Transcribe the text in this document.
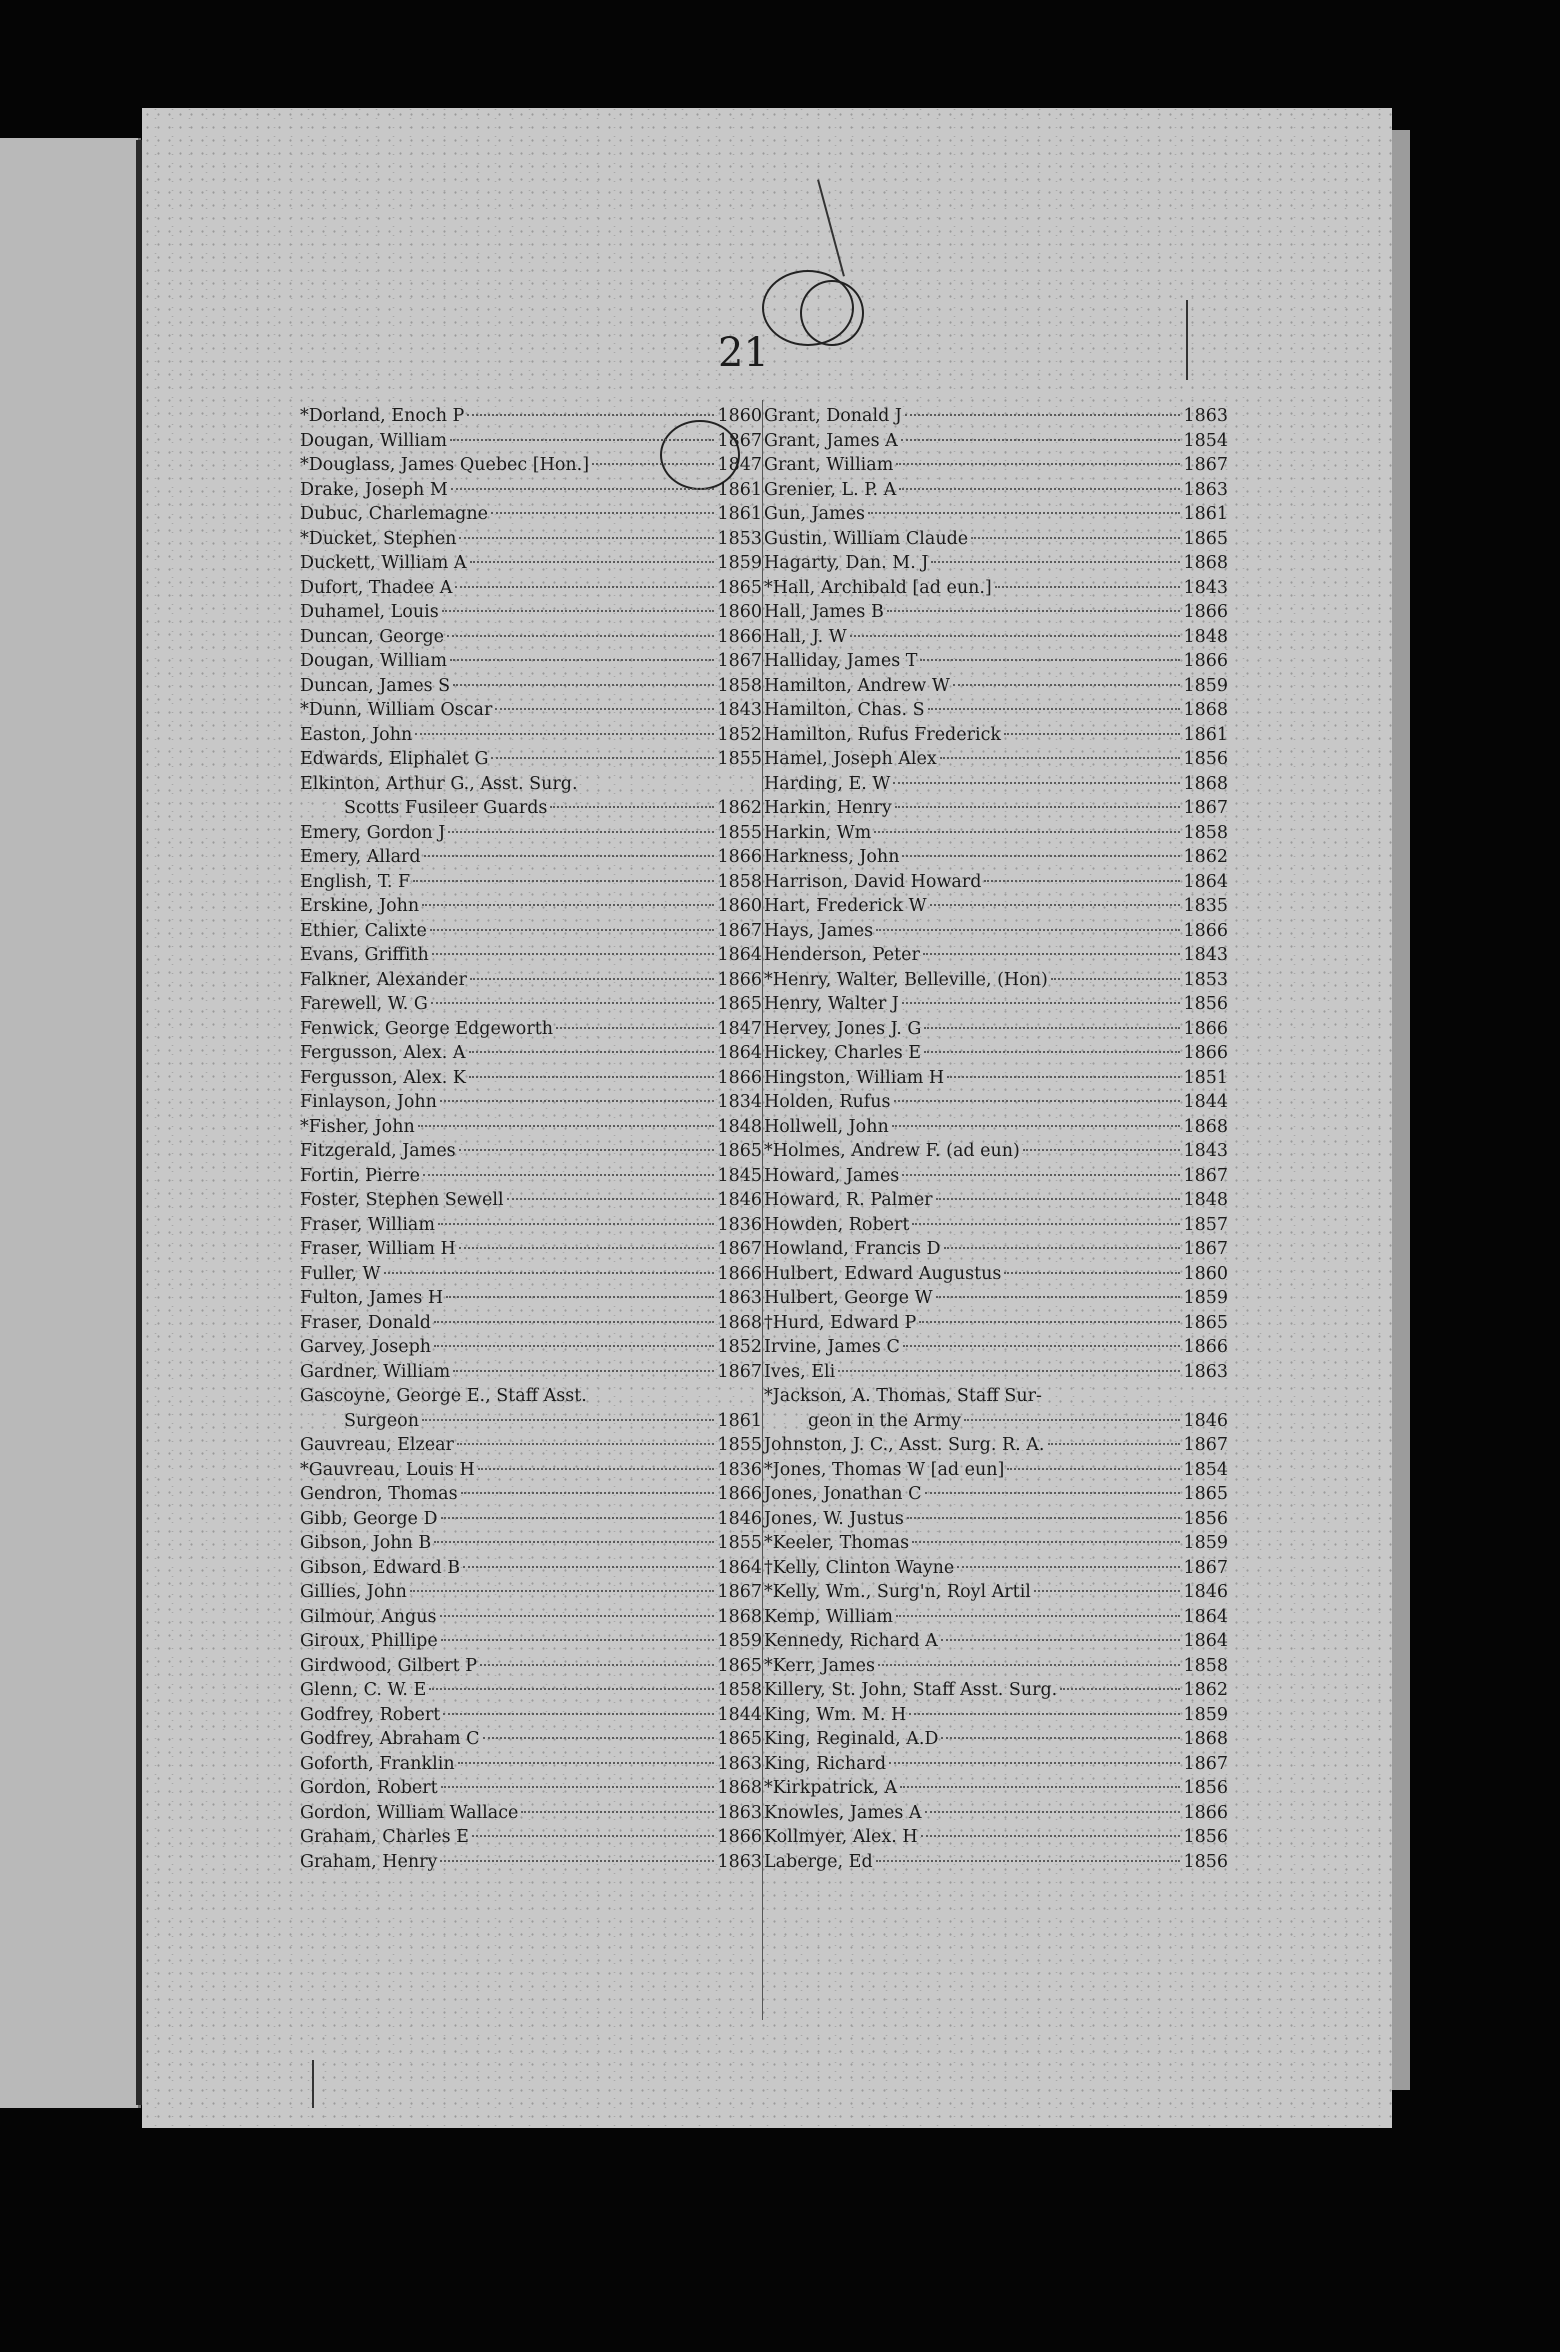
21
*Dorland, Enoch P	1860
Dougan, William	1867
*Douglass, James Quebec [Hon.]	1847
Drake, Joseph M	1861
Dubuc, Charlemagne	1861
*Ducket, Stephen	1853
Duckett, William A	1859
Dufort, Thadee A	1865
Duhamel, Louis	1860
Duncan, George	1866
Dougan, William	1867
Duncan, James S	1858
*Dunn, William Oscar	1843
Easton, John	1852
Edwards, Eliphalet G	1855
Elkinton, Arthur G., Asst. Surg.
Scotts Fusileer Guards	1862
Emery, Gordon J	1855
Emery, Allard	1866
English, T. F	1858
Erskine, John	1860
Ethier, Calixte	1867
Evans, Griffith	1864
Falkner, Alexander	1866
Farewell, W. G	1865
Fenwick, George Edgeworth	1847
Fergusson, Alex. A	1864
Fergusson, Alex. K	1866
Finlayson, John	1834
*Fisher, John	1848
Fitzgerald, James	1865
Fortin, Pierre	1845
Foster, Stephen Sewell	1846
Fraser, William	1836
Fraser, William H	1867
Fuller, W	1866
Fulton, James H	1863
Fraser, Donald	1868
Garvey, Joseph	1852
Gardner, William	1867
Gascoyne, George E., Staff Asst.
Surgeon	1861
Gauvreau, Elzear	1855
*Gauvreau, Louis H	1836
Gendron, Thomas	1866
Gibb, George D	1846
Gibson, John B	1855
Gibson, Edward B	1864
Gillies, John	1867
Gilmour, Angus	1868
Giroux, Phillipe	1859
Girdwood, Gilbert P	1865
Glenn, C. W. E	1858
Godfrey, Robert	1844
Godfrey, Abraham C	1865
Goforth, Franklin	1863
Gordon, Robert	1868
Gordon, William Wallace	1863
Graham, Charles E	1866
Graham, Henry	1863
Grant, Donald J	1863
Grant, James A	1854
Grant, William	1867
Grenier, L. P. A	1863
Gun, James	1861
Gustin, William Claude	1865
Hagarty, Dan. M. J	1868
*Hall, Archibald [ad eun.]	1843
Hall, James B	1866
Hall, J. W	1848
Halliday, James T	1866
Hamilton, Andrew W	1859
Hamilton, Chas. S	1868
Hamilton, Rufus Frederick	1861
Hamel, Joseph Alex	1856
Harding, E. W	1868
Harkin, Henry	1867
Harkin, Wm	1858
Harkness, John	1862
Harrison, David Howard	1864
Hart, Frederick W	1835
Hays, James	1866
Henderson, Peter	1843
*Henry, Walter, Belleville, (Hon)	1853
Henry, Walter J	1856
Hervey, Jones J. G	1866
Hickey, Charles E	1866
Hingston, William H	1851
Holden, Rufus	1844
Hollwell, John	1868
*Holmes, Andrew F. (ad eun)	1843
Howard, James	1867
Howard, R. Palmer	1848
Howden, Robert	1857
Howland, Francis D	1867
Hulbert, Edward Augustus	1860
Hulbert, George W	1859
†Hurd, Edward P	1865
Irvine, James C	1866
Ives, Eli	1863
*Jackson, A. Thomas, Staff Sur-
geon in the Army	1846
Johnston, J. C., Asst. Surg. R. A.	1867
*Jones, Thomas W [ad eun]	1854
Jones, Jonathan C	1865
Jones, W. Justus	1856
*Keeler, Thomas	1859
†Kelly, Clinton Wayne	1867
*Kelly, Wm., Surg'n, Royl Artil	1846
Kemp, William	1864
Kennedy, Richard A	1864
*Kerr, James	1858
Killery, St. John, Staff Asst. Surg.	1862
King, Wm. M. H	1859
King, Reginald, A.D	1868
King, Richard	1867
*Kirkpatrick, A	1856
Knowles, James A	1866
Kollmyer, Alex. H	1856
Laberge, Ed	1856
